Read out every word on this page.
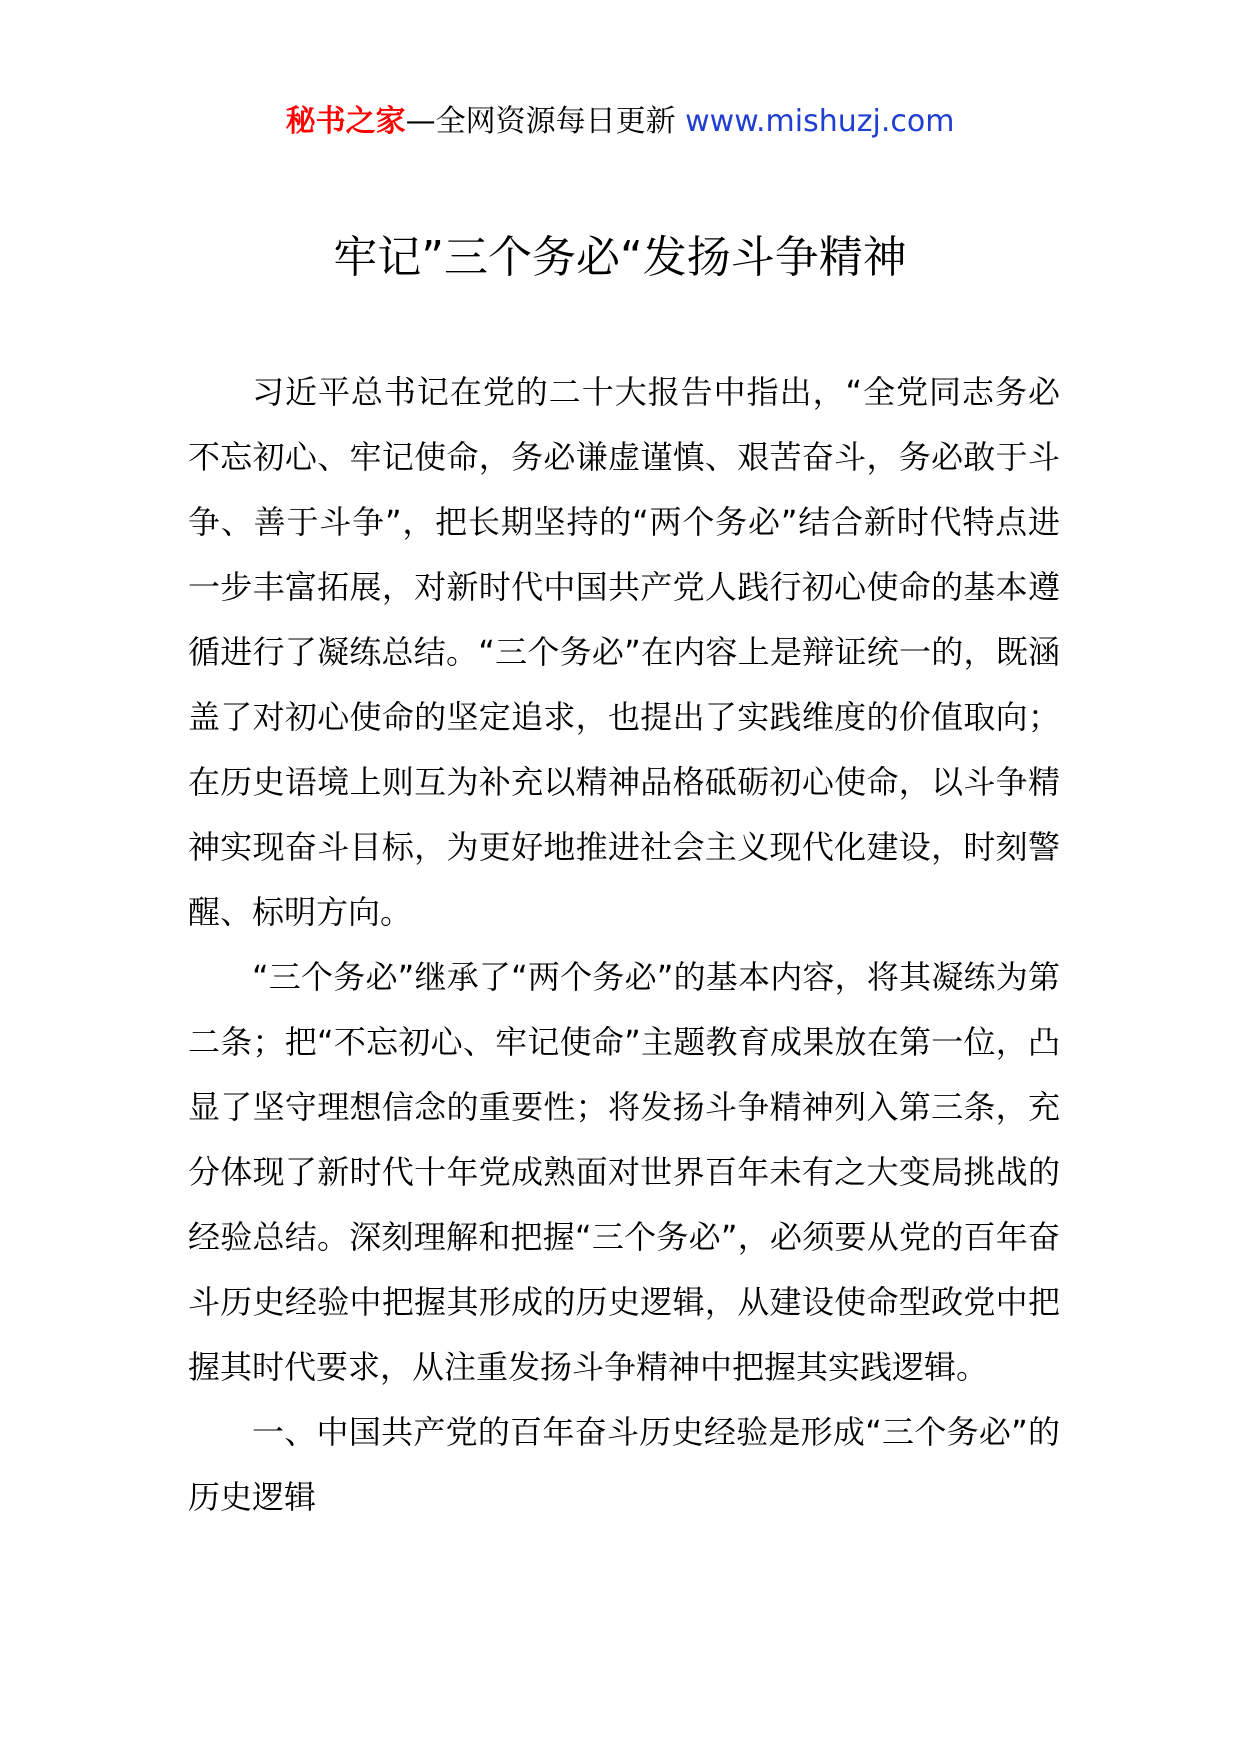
秘书之家—全网资源每日更新 www.mishuzj.com
牢记”三个务必“发扬斗争精神

习近平总书记在党的二十大报告中指出，“全党同志务必不忘初心、牢记使命，务必谦虚谨慎、艰苦奋斗，务必敢于斗争、善于斗争”，把长期坚持的“两个务必”结合新时代特点进一步丰富拓展，对新时代中国共产党人践行初心使命的基本遵循进行了凝练总结。“三个务必”在内容上是辩证统一的，既涵盖了对初心使命的坚定追求，也提出了实践维度的价值取向；在历史语境上则互为补充以精神品格砥砺初心使命，以斗争精神实现奋斗目标，为更好地推进社会主义现代化建设，时刻警醒、标明方向。

“三个务必”继承了“两个务必”的基本内容，将其凝练为第二条；把“不忘初心、牢记使命”主题教育成果放在第一位，凸显了坚守理想信念的重要性；将发扬斗争精神列入第三条，充分体现了新时代十年党成熟面对世界百年未有之大变局挑战的经验总结。深刻理解和把握“三个务必”，必须要从党的百年奋斗历史经验中把握其形成的历史逻辑，从建设使命型政党中把握其时代要求，从注重发扬斗争精神中把握其实践逻辑。

一、中国共产党的百年奋斗历史经验是形成“三个务必”的历史逻辑
